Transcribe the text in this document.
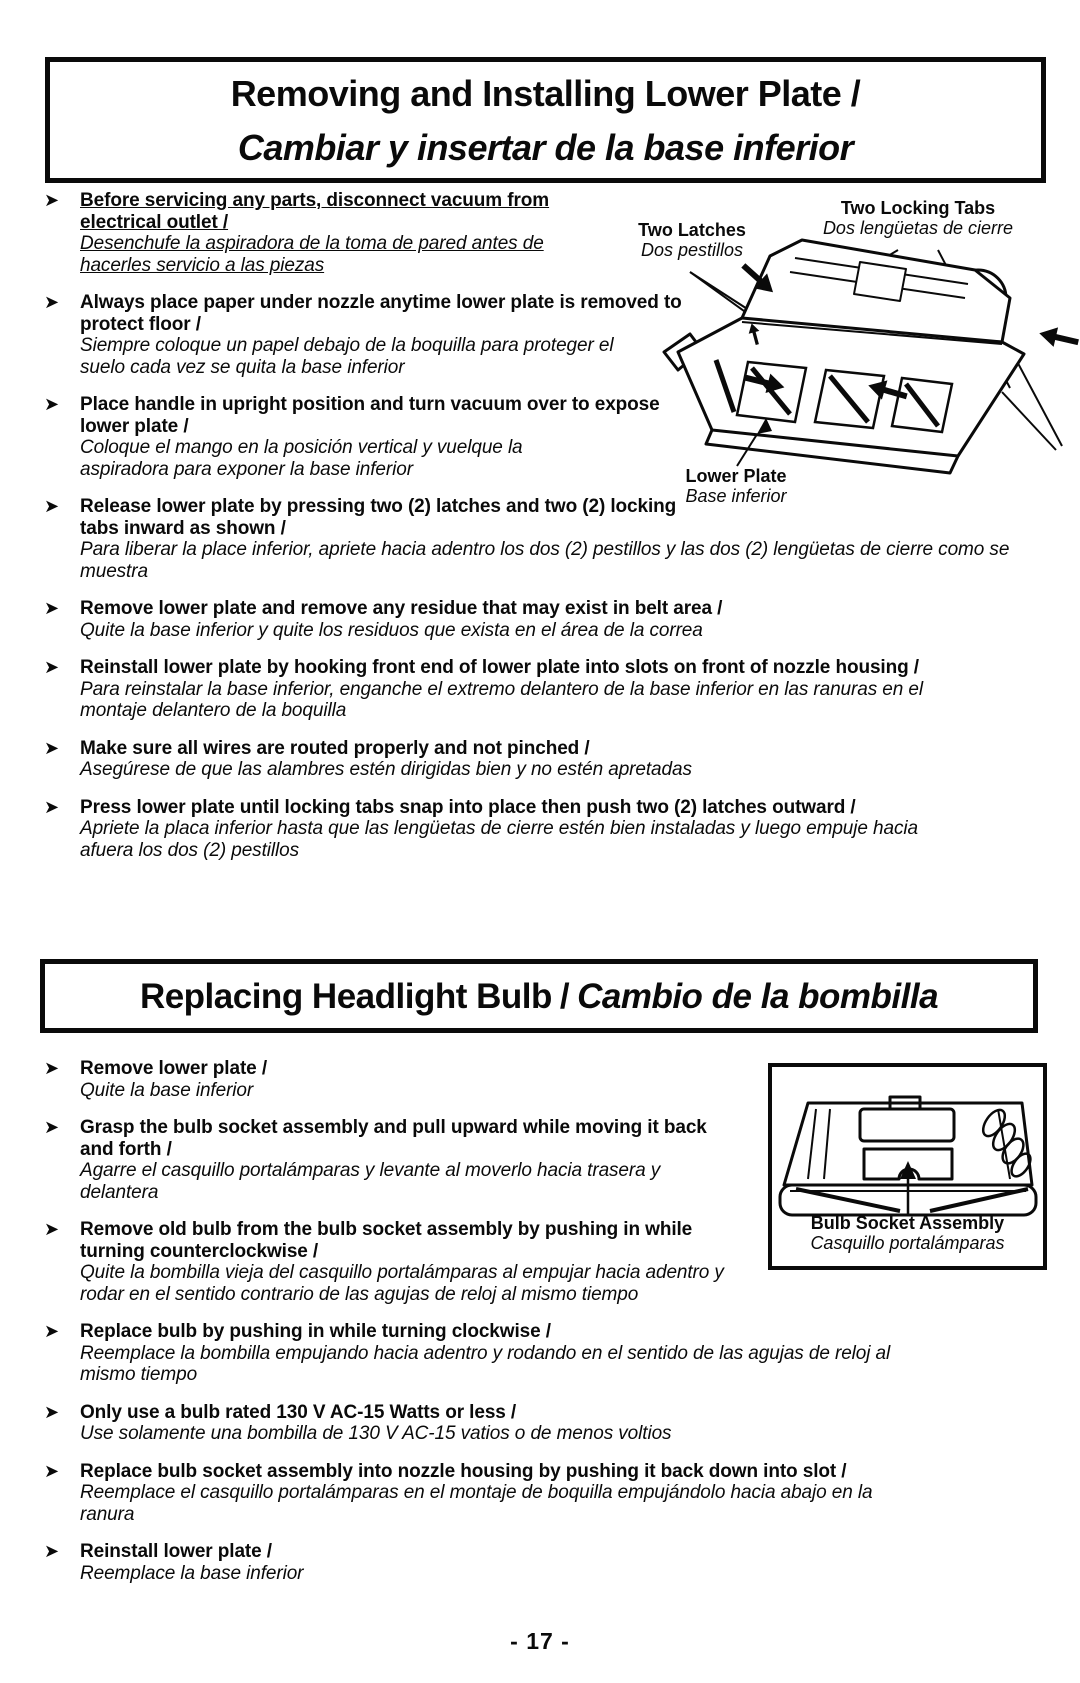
Removing and Installing Lower Plate /
Cambiar y insertar de la base inferior
➤	Before servicing any parts, disconnect vacuum from electrical outlet /
Desenchufe la aspiradora de la toma de pared antes de hacerles servicio a las piezas
➤	Always place paper under nozzle anytime lower plate is removed to protect floor /
Siempre coloque un papel debajo de la boquilla para proteger el suelo cada vez se quita la base inferior
➤	Place handle in upright position and turn vacuum over to expose lower plate /
Coloque el mango en la posición vertical y vuelque la aspiradora para exponer la base inferior
➤	Release lower plate by pressing two (2) latches and two (2) locking tabs inward as shown /
Para liberar la place inferior, apriete hacia adentro los dos (2) pestillos y las dos (2) lengüetas de cierre como se muestra
➤	Remove lower plate and remove any residue that may exist in belt area /
Quite la base inferior y quite los residuos que exista en el área de la correa
➤	Reinstall lower plate by hooking front end of lower plate into slots on front of nozzle housing /
Para reinstalar la base inferior, enganche el extremo delantero de la base inferior en las ranuras en el montaje delantero de la boquilla
➤	Make sure all wires are routed properly and not pinched /
Asegúrese de que las alambres estén dirigidas bien y no estén apretadas
➤	Press lower plate until locking tabs snap into place then push two (2) latches outward /
Apriete la placa inferior hasta que las lengüetas de cierre estén bien instaladas y luego empuje hacia afuera los dos (2) pestillos
Two Latches
Dos pestillos
Two Locking Tabs
Dos lengüetas de cierre
Lower Plate
Base inferior
Replacing Headlight Bulb / Cambio de la bombilla
➤	Remove lower plate /
Quite la base inferior
➤	Grasp the bulb socket assembly and pull upward while moving it back and forth /
Agarre el casquillo portalámparas y levante al moverlo hacia trasera y delantera
➤	Remove old bulb from the bulb socket assembly by pushing in while turning counterclockwise /
Quite la bombilla vieja del casquillo portalámparas al empujar hacia adentro y rodar en el sentido contrario de las agujas de reloj al mismo tiempo
➤	Replace bulb by pushing in while turning clockwise /
Reemplace la bombilla empujando hacia adentro y rodando en el sentido de las agujas de reloj al mismo tiempo
➤	Only use a bulb rated 130 V AC-15 Watts or less /
Use solamente una bombilla de 130 V AC-15 vatios o de menos voltios
➤	Replace bulb socket assembly into nozzle housing by pushing it back down into slot /
Reemplace el casquillo portalámparas en el montaje de boquilla empujándolo hacia abajo en la ranura
➤	Reinstall lower plate /
Reemplace la base inferior
Bulb Socket Assembly
Casquillo portalámparas
- 17 -
